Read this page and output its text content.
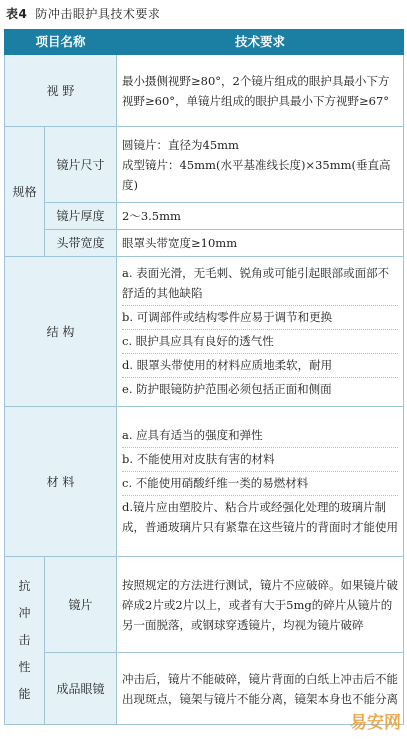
表4 防冲击眼护具技术要求
项目名称		技术要求
视 野		最小摄侧视野≥80°，2个镜片组成的眼护具最小下方视野≥60°，单镜片组成的眼护具最小下方视野≥67°
规格	镜片尺寸	圆镜片：直径为45mm
成型镜片：45mm(水平基准线长度)×35mm(垂直高度)

	镜片厚度	2～3.5mm
	头带宽度	眼罩头带宽度≥10mm
结 构		a. 表面光滑，无毛刺、锐角或可能引起眼部或面部不舒适的其他缺陷
b. 可调部件或结构零件应易于调节和更换
c. 眼护具应具有良好的透气性
d. 眼罩头带使用的材料应质地柔软，耐用
e. 防护眼镜防护范围必须包括正面和侧面

材 料		a. 应具有适当的强度和弹性
b. 不能使用对皮肤有害的材料
c. 不能使用硝酸纤维一类的易燃材料
d.镜片应由塑胶片、粘合片或经强化处理的玻璃片制成，普通玻璃片只有紧靠在这些镜片的背面时才能使用

抗
冲
击
性
能	镜片	按照规定的方法进行测试，镜片不应破碎。如果镜片破碎成2片或2片以上，或者有大于5mg的碎片从镜片的另一面脱落，或钢球穿透镜片，均视为镜片破碎
	成品眼镜	冲击后，镜片不能破碎，镜片背面的白纸上冲击后不能出现斑点，镜架与镜片不能分离，镜架本身也不能分离
易安网
